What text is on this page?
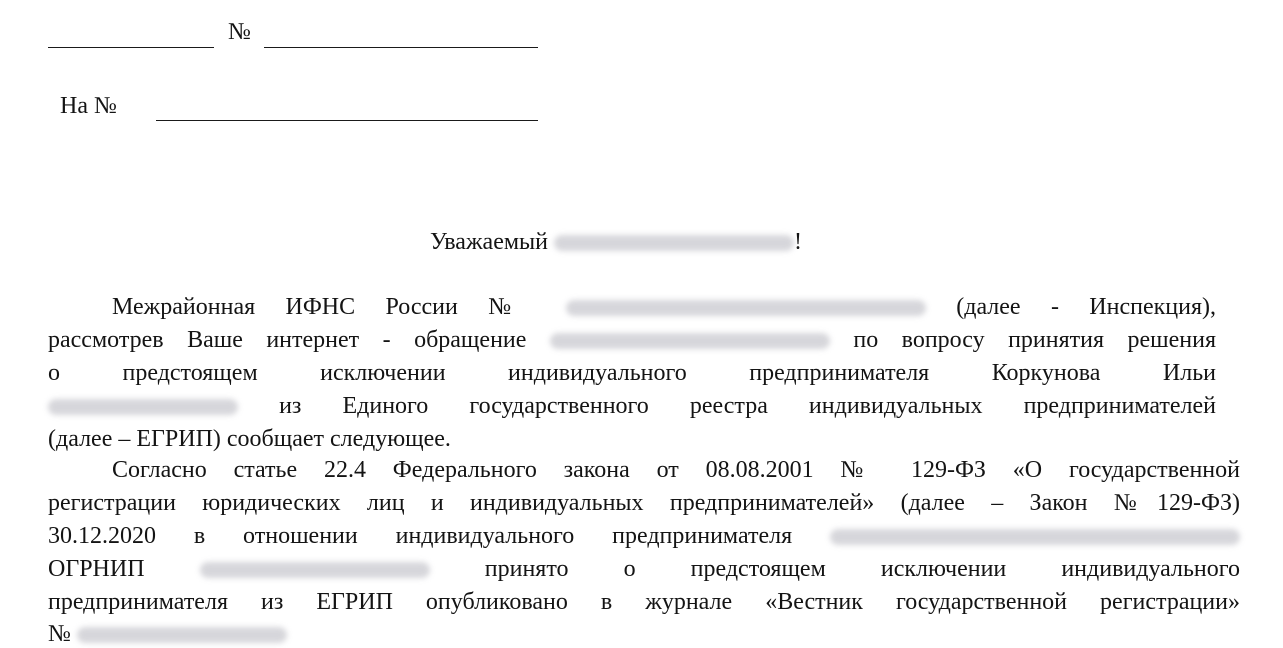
№
На №
Уважаемый	!
Межрайонная ИФНС России №	(далее - Инспекция),
рассмотрев Ваше интернет - обращение	по вопросу принятия решения
о предстоящем исключении индивидуального предпринимателя Коркунова Ильи
из Единого государственного реестра индивидуальных предпринимателей
(далее – ЕГРИП) сообщает следующее.
Согласно статье 22.4 Федерального закона от 08.08.2001 № 129-ФЗ «О государственной
регистрации юридических лиц и индивидуальных предпринимателей» (далее – Закон №129-ФЗ)
30.12.2020 в отношении индивидуального предпринимателя
ОГРНИП	принято о предстоящем исключении индивидуального
предпринимателя из ЕГРИП опубликовано в журнале «Вестник государственной регистрации»
№
